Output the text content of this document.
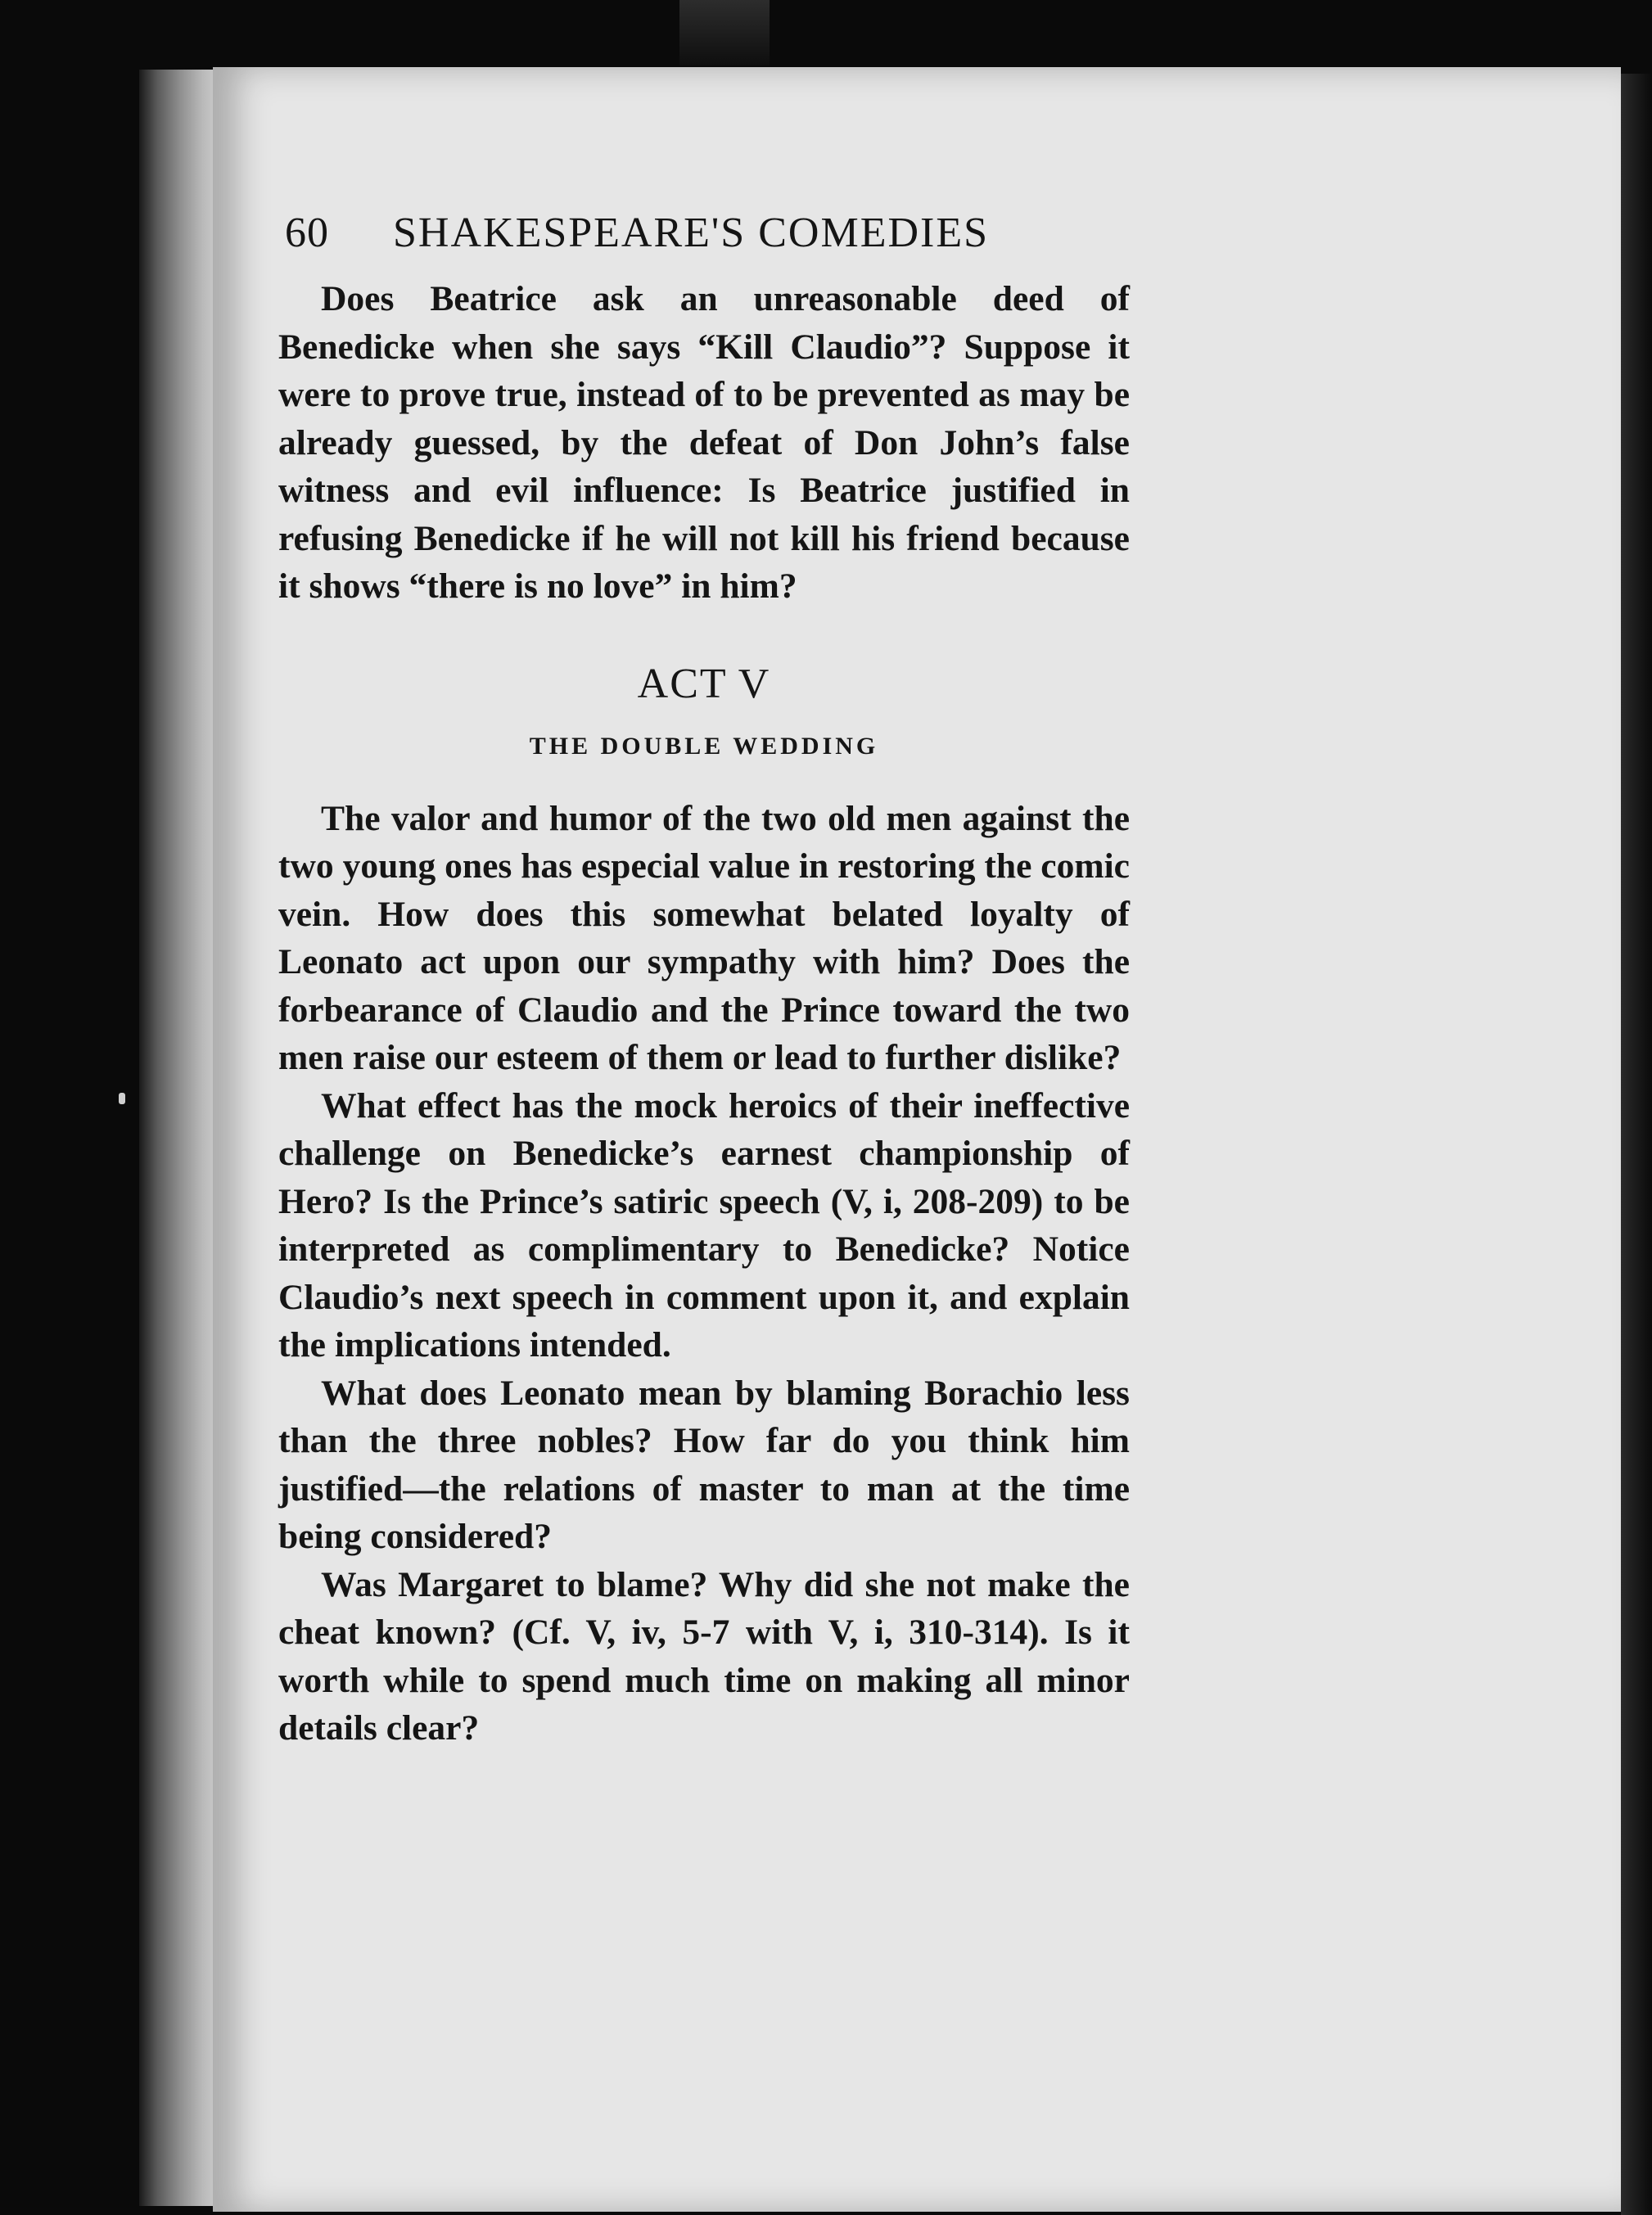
60	SHAKESPEARE'S COMEDIES

Does Beatrice ask an unreasonable deed of Benedicke when she says “Kill Claudio”? Suppose it were to prove true, instead of to be prevented as may be already guessed, by the defeat of Don John’s false witness and evil influence: Is Beatrice justified in refusing Benedicke if he will not kill his friend because it shows “there is no love” in him?

ACT V
THE DOUBLE WEDDING

The valor and humor of the two old men against the two young ones has especial value in restoring the comic vein. How does this somewhat belated loyalty of Leonato act upon our sympathy with him? Does the forbearance of Claudio and the Prince toward the two men raise our esteem of them or lead to further dislike?

What effect has the mock heroics of their ineffective challenge on Benedicke’s earnest championship of Hero? Is the Prince’s satiric speech (V, i, 208-209) to be interpreted as complimentary to Benedicke? Notice Claudio’s next speech in comment upon it, and explain the implications intended.

What does Leonato mean by blaming Borachio less than the three nobles? How far do you think him justified—the relations of master to man at the time being considered?

Was Margaret to blame? Why did she not make the cheat known? (Cf. V, iv, 5-7 with V, i, 310-314). Is it worth while to spend much time on making all minor details clear?
